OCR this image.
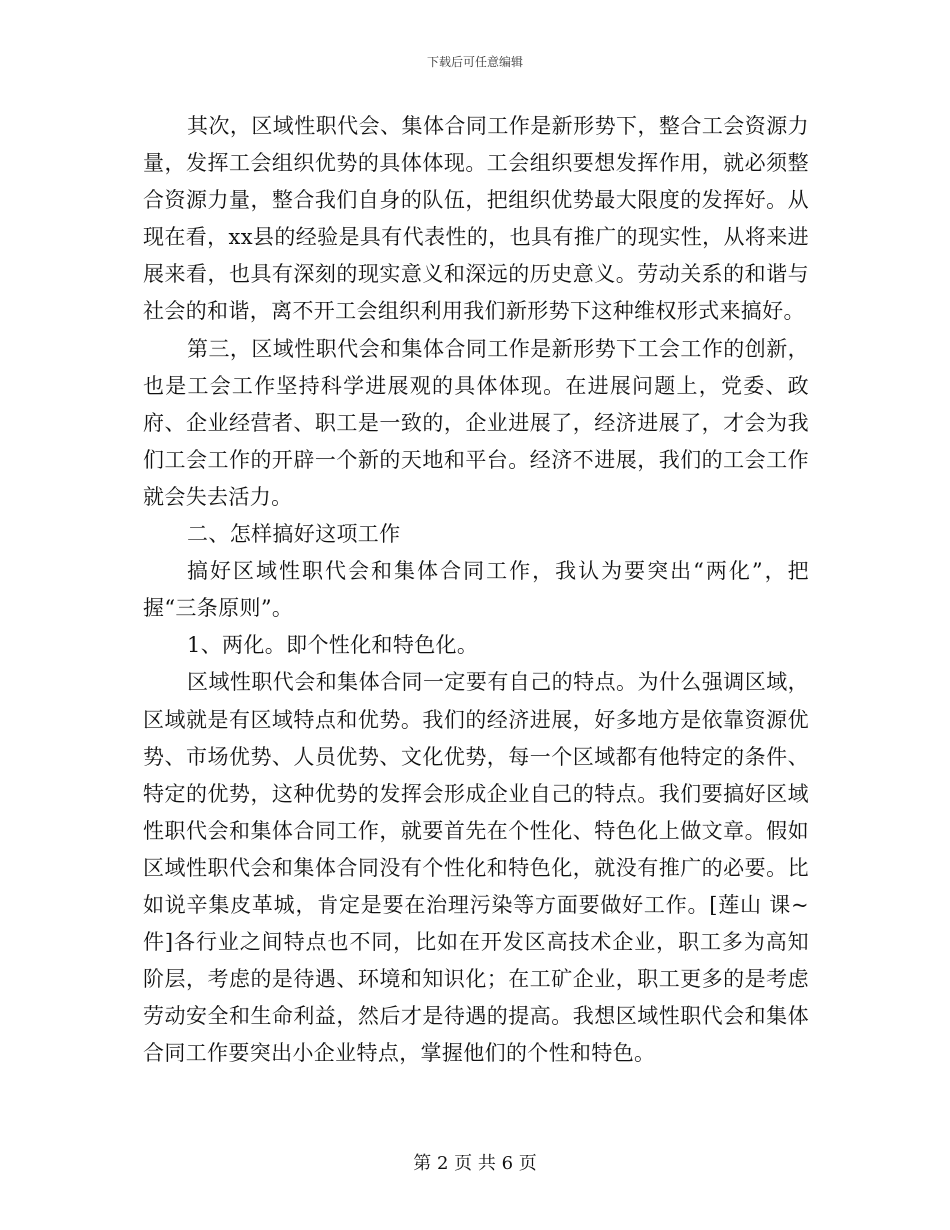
下载后可任意编辑

其次，区域性职代会、集体合同工作是新形势下，整合工会资源力量，发挥工会组织优势的具体体现。工会组织要想发挥作用，就必须整合资源力量，整合我们自身的队伍，把组织优势最大限度的发挥好。从现在看，xx县的经验是具有代表性的，也具有推广的现实性，从将来进展来看，也具有深刻的现实意义和深远的历史意义。劳动关系的和谐与社会的和谐，离不开工会组织利用我们新形势下这种维权形式来搞好。

第三，区域性职代会和集体合同工作是新形势下工会工作的创新，也是工会工作坚持科学进展观的具体体现。在进展问题上，党委、政府、企业经营者、职工是一致的，企业进展了，经济进展了，才会为我们工会工作的开辟一个新的天地和平台。经济不进展，我们的工会工作就会失去活力。

二、怎样搞好这项工作

搞好区域性职代会和集体合同工作，我认为要突出“两化”，把握“三条原则”。

1、两化。即个性化和特色化。

区域性职代会和集体合同一定要有自己的特点。为什么强调区域，区域就是有区域特点和优势。我们的经济进展，好多地方是依靠资源优势、市场优势、人员优势、文化优势，每一个区域都有他特定的条件、特定的优势，这种优势的发挥会形成企业自己的特点。我们要搞好区域性职代会和集体合同工作，就要首先在个性化、特色化上做文章。假如区域性职代会和集体合同没有个性化和特色化，就没有推广的必要。比如说辛集皮革城，肯定是要在治理污染等方面要做好工作。[莲山 课~件]各行业之间特点也不同，比如在开发区高技术企业，职工多为高知阶层，考虑的是待遇、环境和知识化；在工矿企业，职工更多的是考虑劳动安全和生命利益，然后才是待遇的提高。我想区域性职代会和集体合同工作要突出小企业特点，掌握他们的个性和特色。

第 2 页 共 6 页
